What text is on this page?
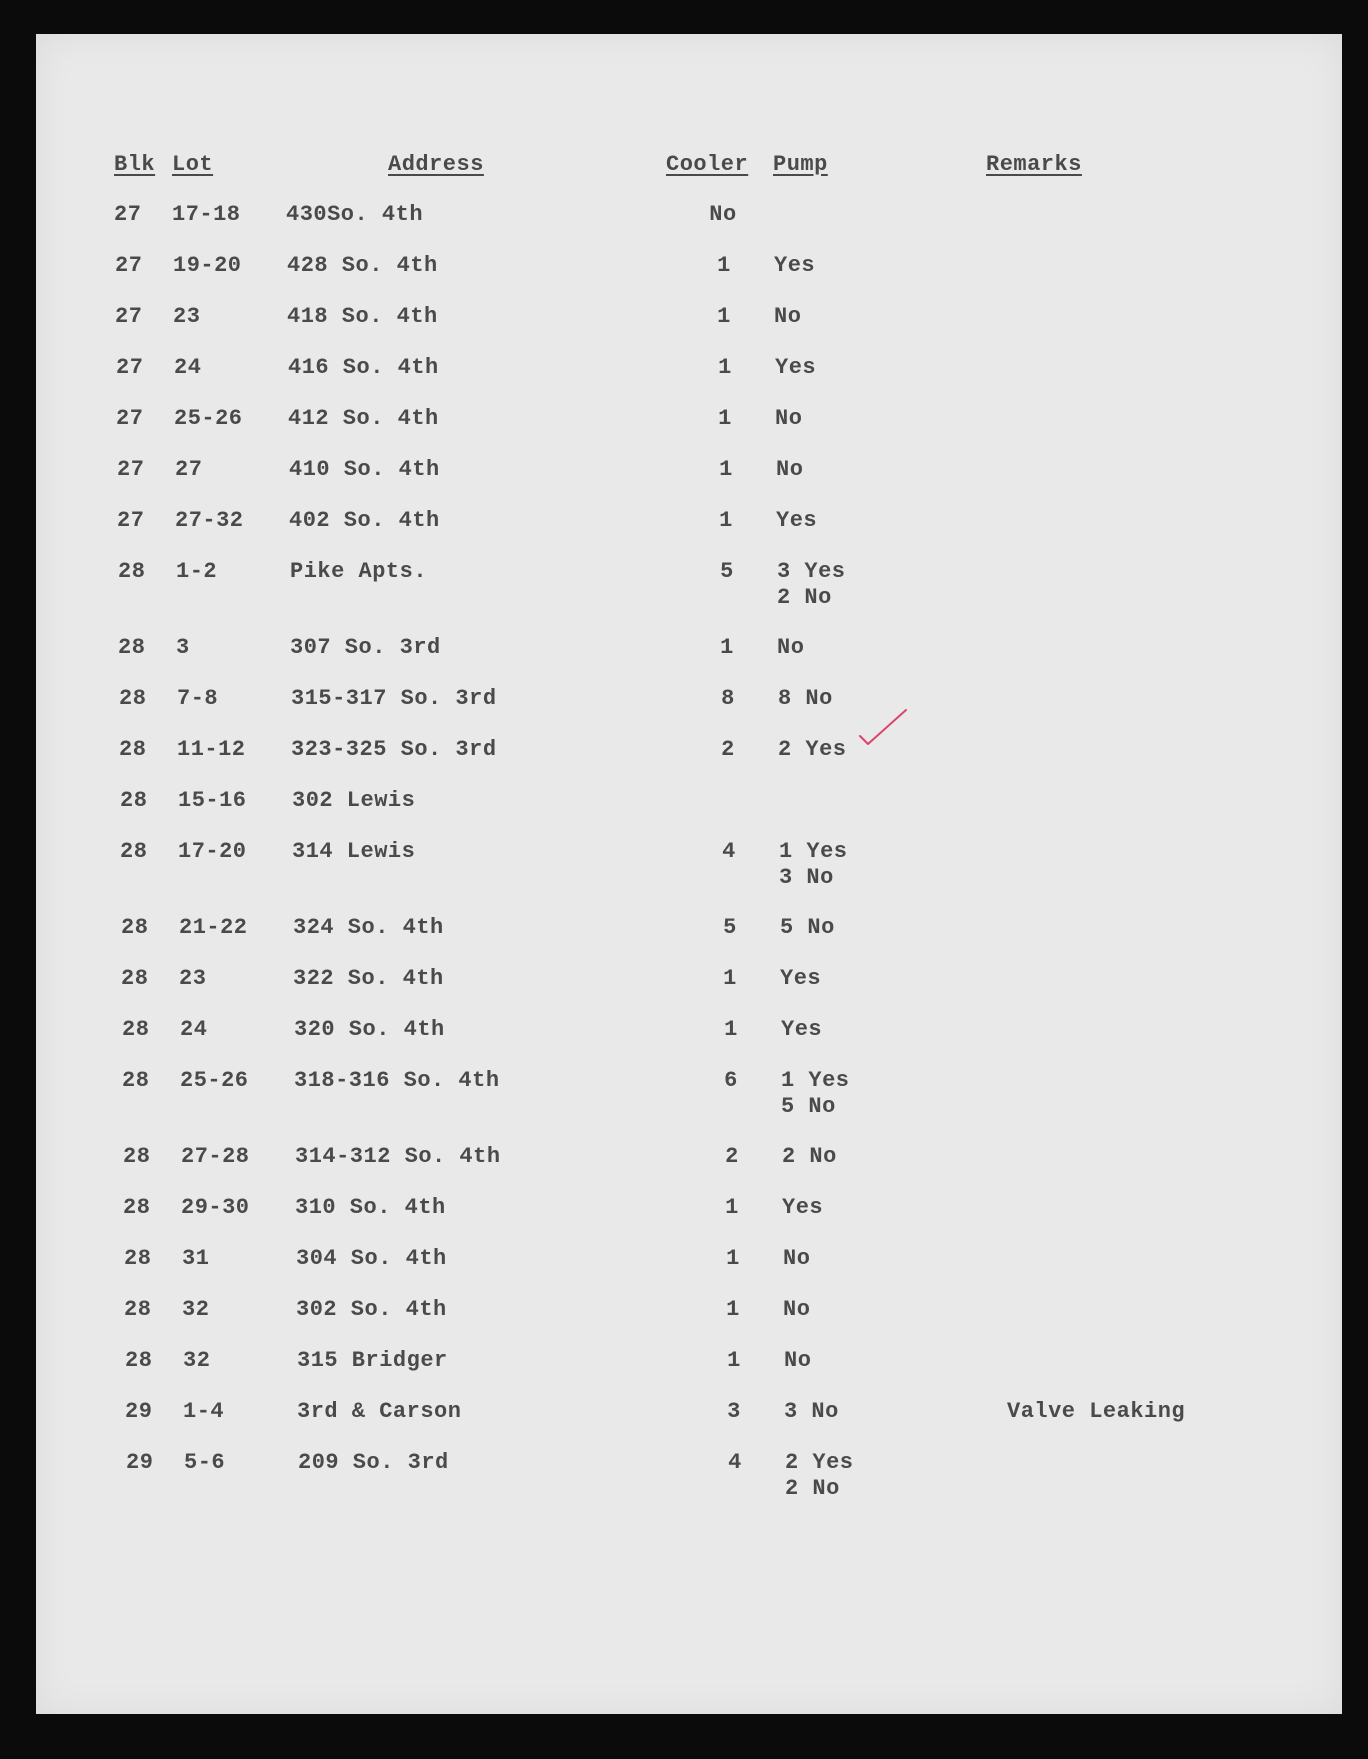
Blk Lot	Address	Cooler Pump	Remarks
27 17-18 430So. 4th	No
27 19-20 428 So. 4th	1	Yes
27 23	418 So. 4th	1	No
27 24	416 So. 4th	1	Yes
27 25-26 412 So. 4th	1	No
27 27	410 So. 4th	1	No
27 27-32 402 So. 4th	1	Yes
28 1-2	Pike Apts.	5	3 Yes
2 No
28 3	307 So. 3rd	1	No
28 7-8	315-317 So. 3rd	8	8 No
28 11-12 323-325 So. 3rd	2	2 Yes
28 15-16 302 Lewis
28 17-20 314 Lewis	4	1 Yes
3 No
28 21-22 324 So. 4th	5	5 No
28 23	322 So. 4th	1	Yes
28 24	320 So. 4th	1	Yes
28 25-26 318-316 So. 4th	6	1 Yes
5 No
28 27-28 314-312 So. 4th	2	2 No
28 29-30 310 So. 4th	1	Yes
28 31	304 So. 4th	1	No
28 32	302 So. 4th	1	No
28 32	315 Bridger	1	No
29 1-4	3rd & Carson	3	3 No	Valve Leaking
29 5-6	209 So. 3rd	4	2 Yes
2 No
